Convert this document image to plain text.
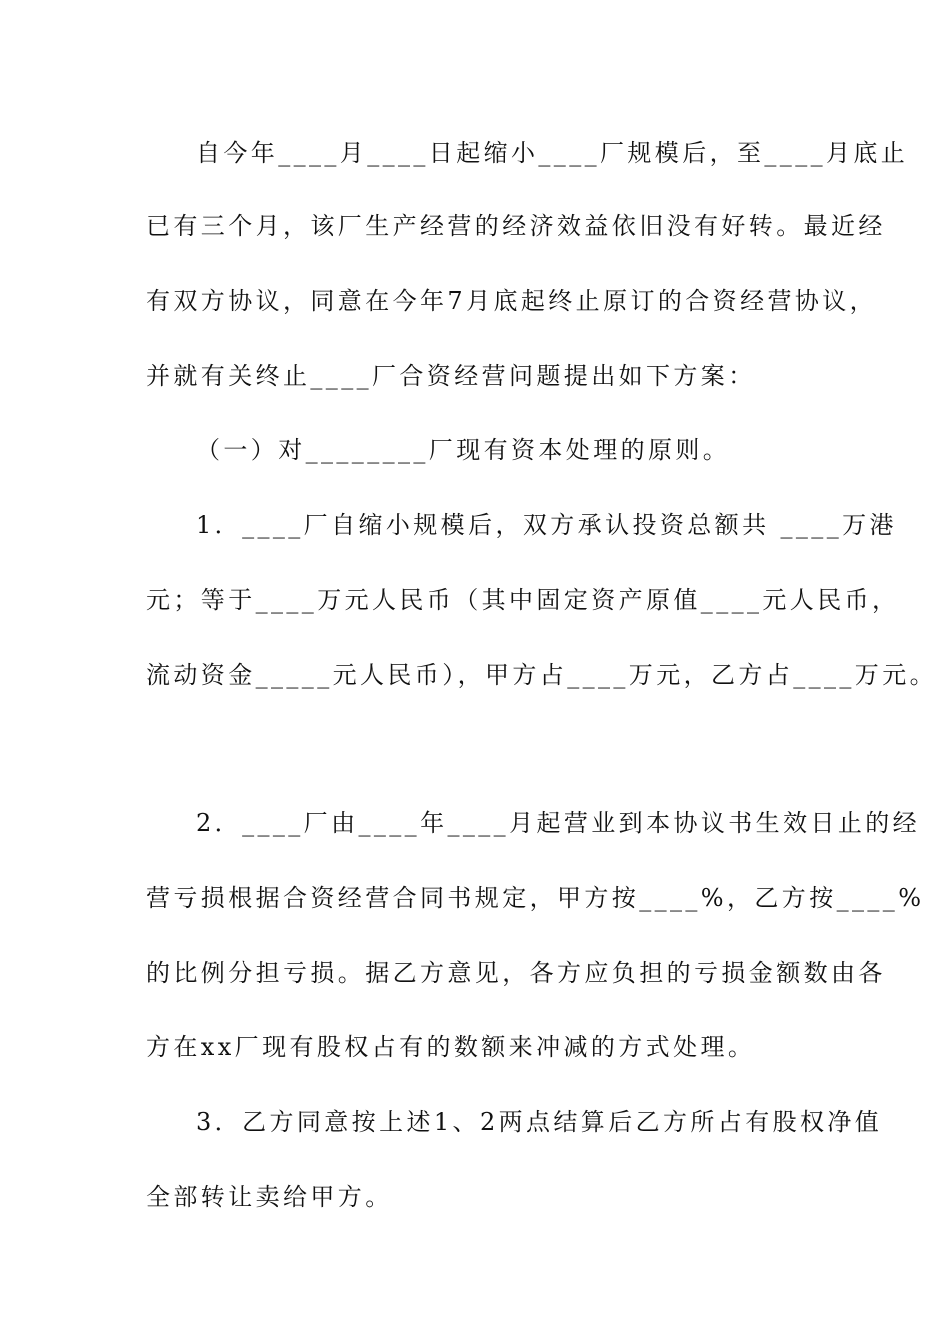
自今年____月____日起缩小____厂规模后，至____月底止
已有三个月，该厂生产经营的经济效益依旧没有好转。最近经
有双方协议，同意在今年7月底起终止原订的合资经营协议，
并就有关终止____厂合资经营问题提出如下方案：
（一）对________厂现有资本处理的原则。
1．____厂自缩小规模后，双方承认投资总额共 ____万港
元；等于____万元人民币（其中固定资产原值____元人民币，
流动资金_____元人民币），甲方占____万元，乙方占____万元。
2．____厂由____年____月起营业到本协议书生效日止的经
营亏损根据合资经营合同书规定，甲方按____%，乙方按____%
的比例分担亏损。据乙方意见，各方应负担的亏损金额数由各
方在xx厂现有股权占有的数额来冲减的方式处理。
3．乙方同意按上述1、2两点结算后乙方所占有股权净值
全部转让卖给甲方。
